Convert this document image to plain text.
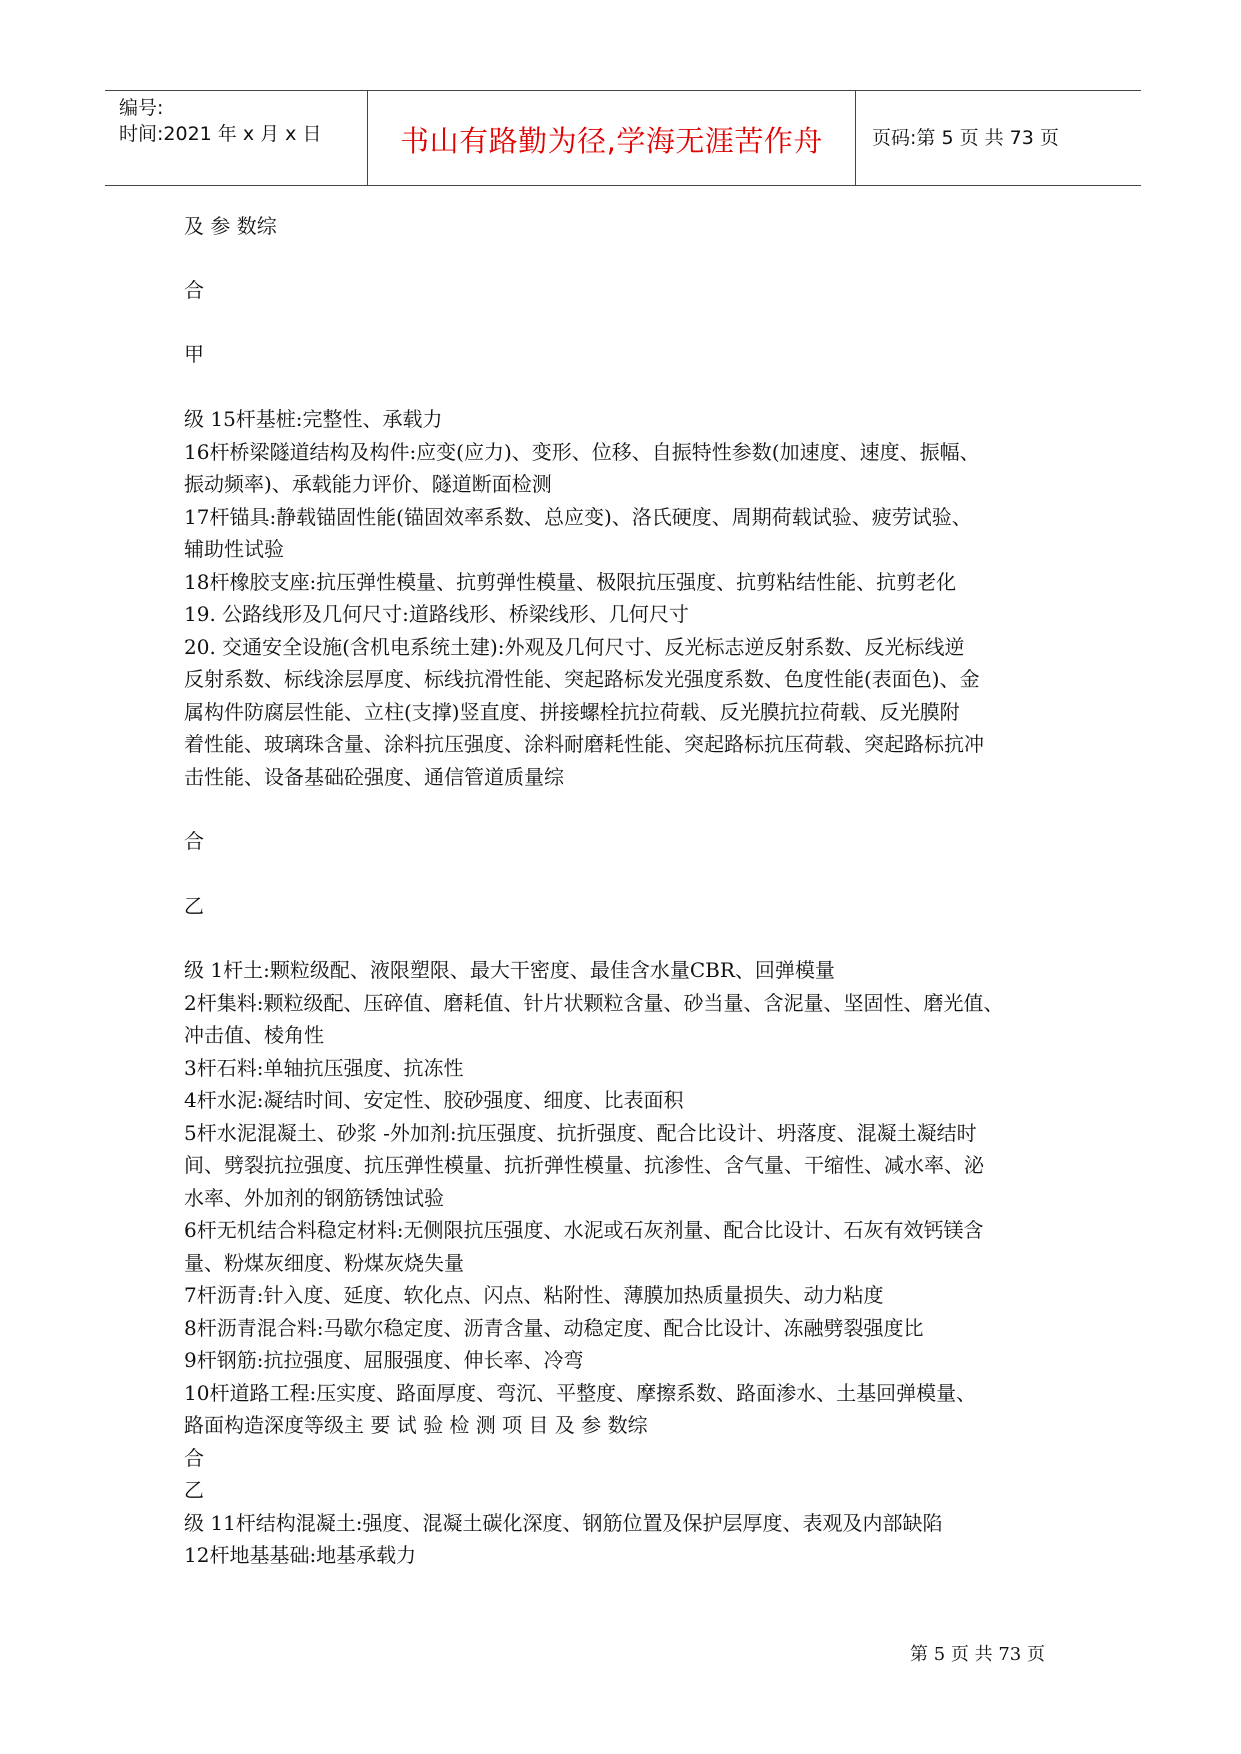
编号:
时间:2021 年 x 月 x 日	书山有路勤为径,学海无涯苦作舟	页码:第 5 页 共 73 页
及 参 数综
合
甲
级 15杆基桩:完整性、承载力
16杆桥梁隧道结构及构件:应变(应力)、变形、位移、自振特性参数(加速度、速度、振幅、
振动频率)、承载能力评价、隧道断面检测
17杆锚具:静载锚固性能(锚固效率系数、总应变)、洛氏硬度、周期荷载试验、疲劳试验、
辅助性试验
18杆橡胶支座:抗压弹性模量、抗剪弹性模量、极限抗压强度、抗剪粘结性能、抗剪老化
19. 公路线形及几何尺寸:道路线形、桥梁线形、几何尺寸
20. 交通安全设施(含机电系统土建):外观及几何尺寸、反光标志逆反射系数、反光标线逆
反射系数、标线涂层厚度、标线抗滑性能、突起路标发光强度系数、色度性能(表面色)、金
属构件防腐层性能、立柱(支撑)竖直度、拼接螺栓抗拉荷载、反光膜抗拉荷载、反光膜附
着性能、玻璃珠含量、涂料抗压强度、涂料耐磨耗性能、突起路标抗压荷载、突起路标抗冲
击性能、设备基础砼强度、通信管道质量综
合
乙
级 1杆土:颗粒级配、液限塑限、最大干密度、最佳含水量CBR、回弹模量
2杆集料:颗粒级配、压碎值、磨耗值、针片状颗粒含量、砂当量、含泥量、坚固性、磨光值、
冲击值、棱角性
3杆石料:单轴抗压强度、抗冻性
4杆水泥:凝结时间、安定性、胶砂强度、细度、比表面积
5杆水泥混凝土、砂浆 -外加剂:抗压强度、抗折强度、配合比设计、坍落度、混凝土凝结时
间、劈裂抗拉强度、抗压弹性模量、抗折弹性模量、抗渗性、含气量、干缩性、减水率、泌
水率、外加剂的钢筋锈蚀试验
6杆无机结合料稳定材料:无侧限抗压强度、水泥或石灰剂量、配合比设计、石灰有效钙镁含
量、粉煤灰细度、粉煤灰烧失量
7杆沥青:针入度、延度、软化点、闪点、粘附性、薄膜加热质量损失、动力粘度
8杆沥青混合料:马歇尔稳定度、沥青含量、动稳定度、配合比设计、冻融劈裂强度比
9杆钢筋:抗拉强度、屈服强度、伸长率、冷弯
10杆道路工程:压实度、路面厚度、弯沉、平整度、摩擦系数、路面渗水、土基回弹模量、
路面构造深度等级主 要 试 验 检 测 项 目 及 参 数综
合
乙
级 11杆结构混凝土:强度、混凝土碳化深度、钢筋位置及保护层厚度、表观及内部缺陷
12杆地基基础:地基承载力
第 5 页 共 73 页
